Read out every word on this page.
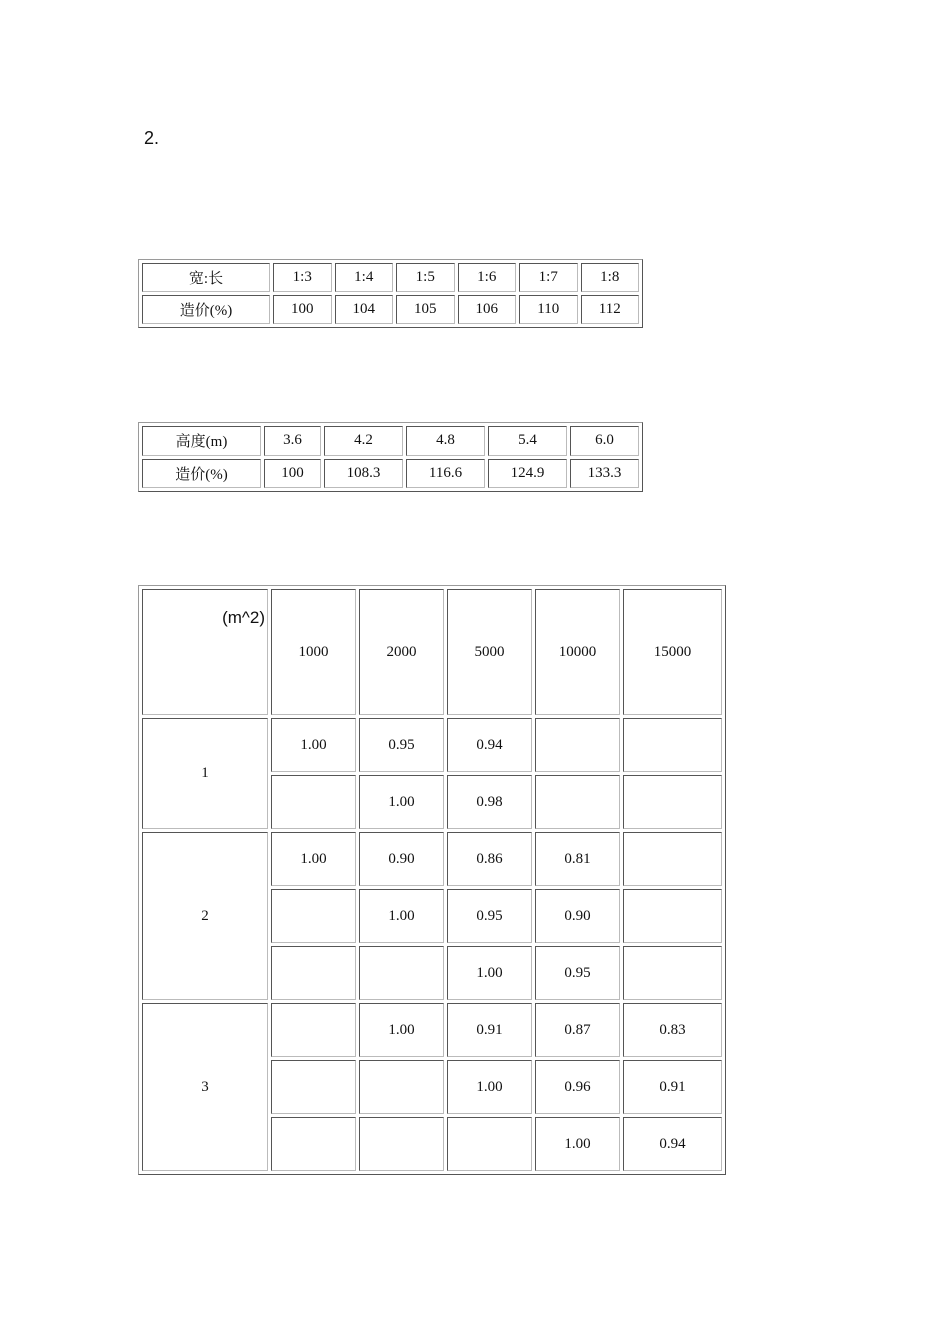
2.
宽:长	1:3	1:4	1:5	1:6	1:7	1:8
造价(%)	100	104	105	106	110	112
高度(m)	3.6	4.2	4.8	5.4	6.0
造价(%)	100	108.3	116.6	124.9	133.3
(m^2)	1000	2000	5000	10000	15000
1	1.00	0.95	0.94		
		1.00	0.98		
2	1.00	0.90	0.86	0.81	
		1.00	0.95	0.90	
			1.00	0.95	
3		1.00	0.91	0.87	0.83
			1.00	0.96	0.91
				1.00	0.94
